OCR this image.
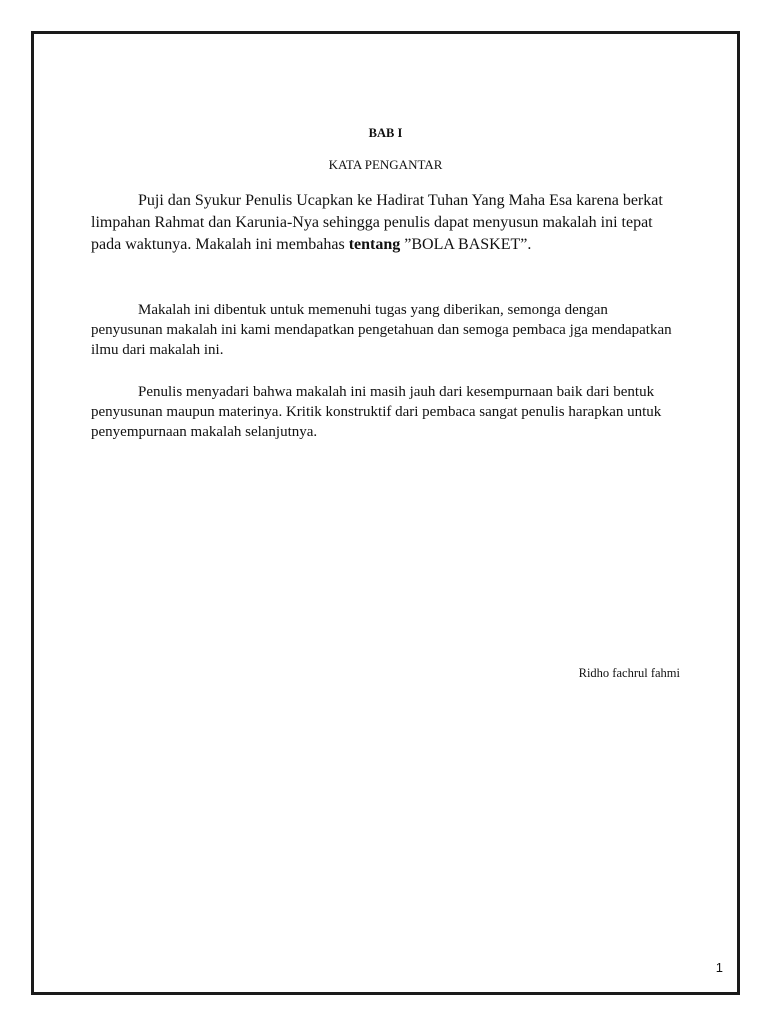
BAB I
KATA PENGANTAR

Puji dan Syukur Penulis Ucapkan ke Hadirat Tuhan Yang Maha Esa karena berkat limpahan Rahmat dan Karunia-Nya sehingga penulis dapat menyusun makalah ini tepat pada waktunya. Makalah ini membahas tentang ”BOLA BASKET”.

Makalah ini dibentuk untuk memenuhi tugas yang diberikan, semonga dengan penyusunan makalah ini kami mendapatkan pengetahuan dan semoga pembaca jga mendapatkan ilmu dari makalah ini.

Penulis menyadari bahwa makalah ini masih jauh dari kesempurnaan baik dari bentuk penyusunan maupun materinya. Kritik konstruktif dari pembaca sangat penulis harapkan untuk penyempurnaan makalah selanjutnya.

Ridho fachrul fahmi
1
